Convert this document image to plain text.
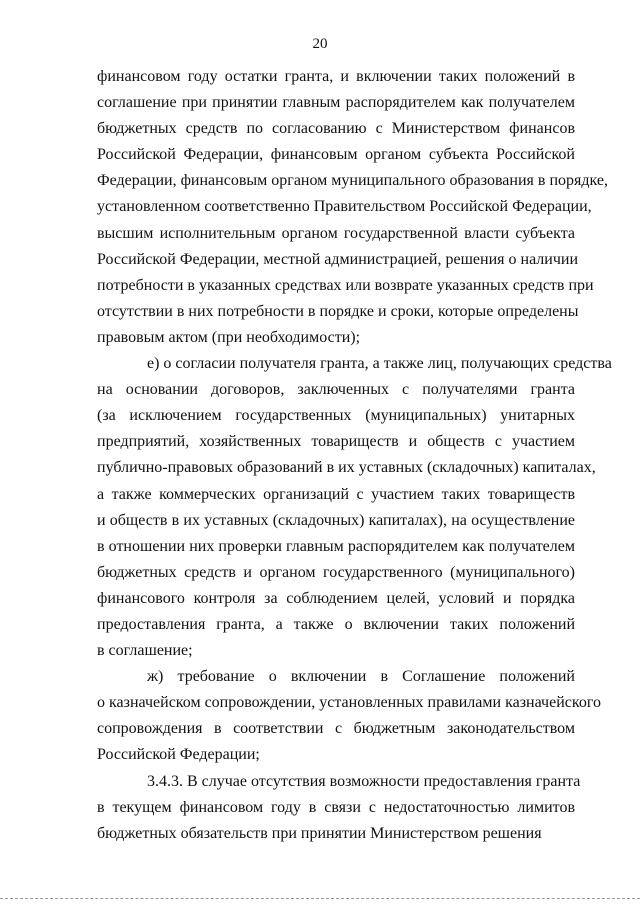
20

финансовом году остатки гранта, и включении таких положений в
соглашение при принятии главным распорядителем как получателем
бюджетных средств по согласованию с Министерством финансов
Российской Федерации, финансовым органом субъекта Российской
Федерации, финансовым органом муниципального образования в порядке,
установленном соответственно Правительством Российской Федерации,
высшим исполнительным органом государственной власти субъекта
Российской Федерации, местной администрацией, решения о наличии
потребности в указанных средствах или возврате указанных средств при
отсутствии в них потребности в порядке и сроки, которые определены
правовым актом (при необходимости);

е) о согласии получателя гранта, а также лиц, получающих средства
на основании договоров, заключенных с получателями гранта
(за исключением государственных (муниципальных) унитарных
предприятий, хозяйственных товариществ и обществ с участием
публично-правовых образований в их уставных (складочных) капиталах,
а также коммерческих организаций с участием таких товариществ
и обществ в их уставных (складочных) капиталах), на осуществление
в отношении них проверки главным распорядителем как получателем
бюджетных средств и органом государственного (муниципального)
финансового контроля за соблюдением целей, условий и порядка
предоставления гранта, а также о включении таких положений
в соглашение;

ж) требование о включении в Соглашение положений
о казначейском сопровождении, установленных правилами казначейского
сопровождения в соответствии с бюджетным законодательством
Российской Федерации;

3.4.3. В случае отсутствия возможности предоставления гранта
в текущем финансовом году в связи с недостаточностью лимитов
бюджетных обязательств при принятии Министерством решения
